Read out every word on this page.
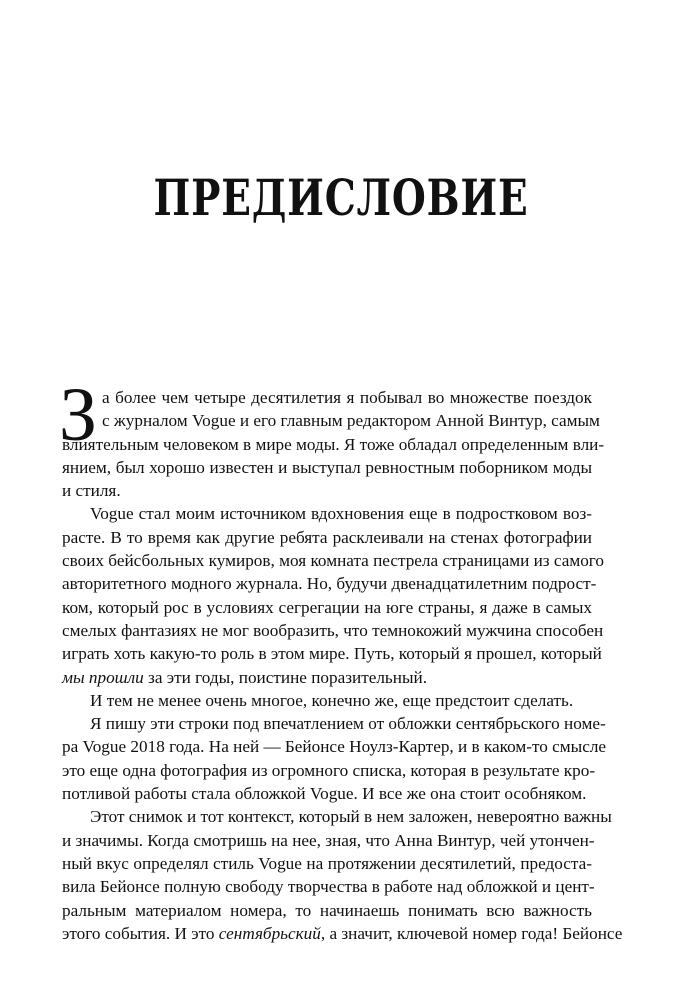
ПРЕДИСЛОВИЕ
З а более чем четыре десятилетия я побывал во множестве поездок
с журналом Vogue и его главным редактором Анной Винтур, самым
влиятельным человеком в мире моды. Я тоже обладал определенным вли-
янием, был хорошо известен и выступал ревностным поборником моды
и стиля.
Vogue стал моим источником вдохновения еще в подростковом воз-
расте. В то время как другие ребята расклеивали на стенах фотографии
своих бейсбольных кумиров, моя комната пестрела страницами из самого
авторитетного модного журнала. Но, будучи двенадцатилетним подрост-
ком, который рос в условиях сегрегации на юге страны, я даже в самых
смелых фантазиях не мог вообразить, что темнокожий мужчина способен
играть хоть какую-то роль в этом мире. Путь, который я прошел, который
мы прошли за эти годы, поистине поразительный.
И тем не менее очень многое, конечно же, еще предстоит сделать.
Я пишу эти строки под впечатлением от обложки сентябрьского номе-
ра Vogue 2018 года. На ней — Бейонсе Ноулз-Картер, и в каком-то смысле
это еще одна фотография из огромного списка, которая в результате кро-
потливой работы стала обложкой Vogue. И все же она стоит особняком.
Этот снимок и тот контекст, который в нем заложен, невероятно важны
и значимы. Когда смотришь на нее, зная, что Анна Винтур, чей утончен-
ный вкус определял стиль Vogue на протяжении десятилетий, предоста-
вила Бейонсе полную свободу творчества в работе над обложкой и цент-
ральным материалом номера, то начинаешь понимать всю важность
этого события. И это сентябрьский, а значит, ключевой номер года! Бейонсе
